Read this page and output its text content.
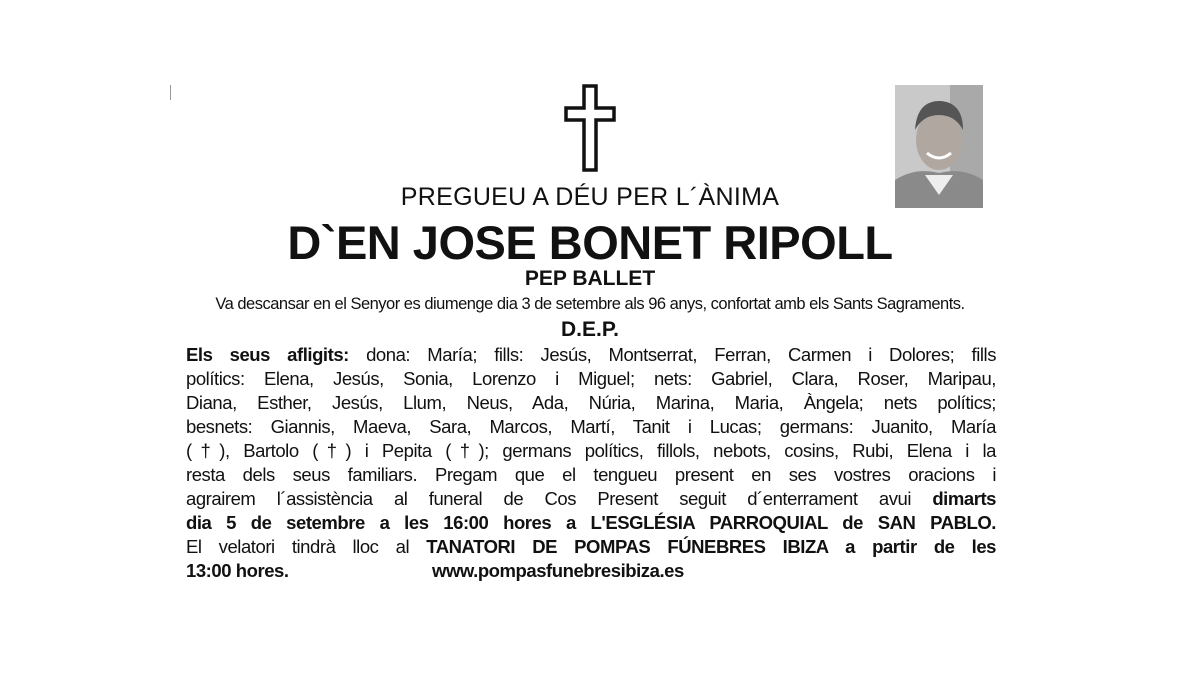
PREGUEU A DÉU PER L´ÀNIMA
D`EN JOSE BONET RIPOLL
PEP BALLET
Va descansar en el Senyor es diumenge dia 3 de setembre als 96 anys, confortat amb els Sants Sagraments.
D.E.P.
Els seus afligits: dona: María; fills: Jesús, Montserrat, Ferran, Carmen i Dolores; fills
polítics: Elena, Jesús, Sonia, Lorenzo i Miguel; nets: Gabriel, Clara, Roser, Maripau,
Diana, Esther, Jesús, Llum, Neus, Ada, Núria, Marina, Maria, Àngela; nets polítics;
besnets: Giannis, Maeva, Sara, Marcos, Martí, Tanit i Lucas; germans: Juanito, María
(†), Bartolo (†) i Pepita (†); germans polítics, fillols, nebots, cosins, Rubi, Elena i la
resta dels seus familiars. Pregam que el tengueu present en ses vostres oracions i
agrairem l´assistència al funeral de Cos Present seguit d´enterrament avui dimarts
dia 5 de setembre a les 16:00 hores a L'ESGLÉSIA PARROQUIAL de SAN PABLO.
El velatori tindrà lloc al TANATORI DE POMPAS FÚNEBRES IBIZA a partir de les
13:00 hores.	www.pompasfunebresibiza.es
